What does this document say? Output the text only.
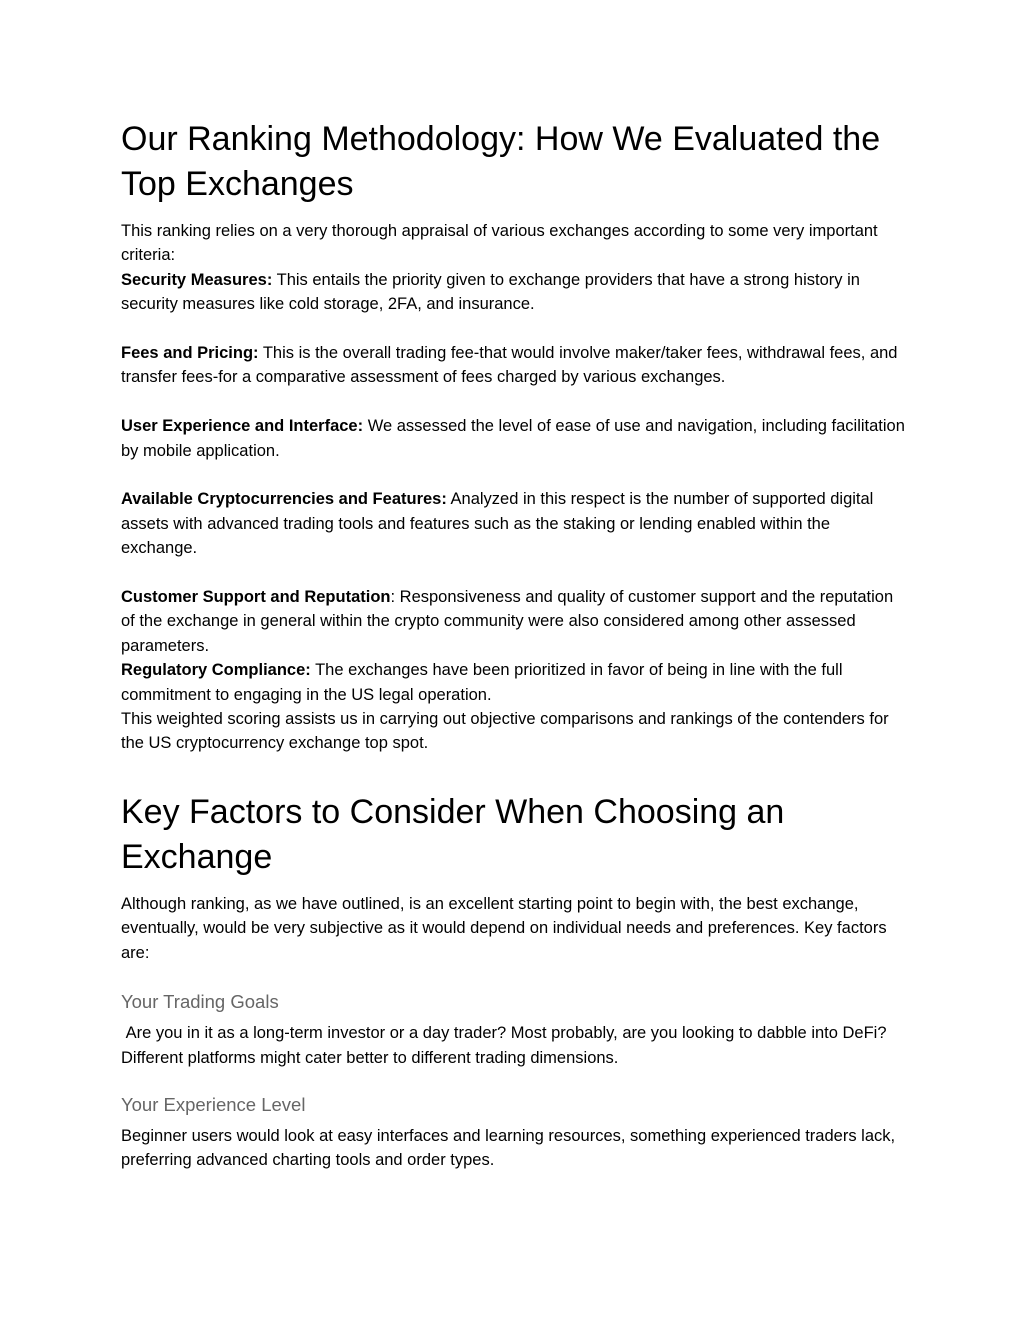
Our Ranking Methodology: How We Evaluated the Top Exchanges

This ranking relies on a very thorough appraisal of various exchanges according to some very important criteria:
Security Measures: This entails the priority given to exchange providers that have a strong history in security measures like cold storage, 2FA, and insurance.

Fees and Pricing: This is the overall trading fee-that would involve maker/taker fees, withdrawal fees, and transfer fees-for a comparative assessment of fees charged by various exchanges.

User Experience and Interface: We assessed the level of ease of use and navigation, including facilitation by mobile application.

Available Cryptocurrencies and Features: Analyzed in this respect is the number of supported digital assets with advanced trading tools and features such as the staking or lending enabled within the exchange.

Customer Support and Reputation: Responsiveness and quality of customer support and the reputation of the exchange in general within the crypto community were also considered among other assessed parameters.
Regulatory Compliance: The exchanges have been prioritized in favor of being in line with the full commitment to engaging in the US legal operation.
This weighted scoring assists us in carrying out objective comparisons and rankings of the contenders for the US cryptocurrency exchange top spot.

Key Factors to Consider When Choosing an Exchange

Although ranking, as we have outlined, is an excellent starting point to begin with, the best exchange, eventually, would be very subjective as it would depend on individual needs and preferences. Key factors are:

Your Trading Goals

Are you in it as a long-term investor or a day trader? Most probably, are you looking to dabble into DeFi? Different platforms might cater better to different trading dimensions.

Your Experience Level

Beginner users would look at easy interfaces and learning resources, something experienced traders lack, preferring advanced charting tools and order types.
